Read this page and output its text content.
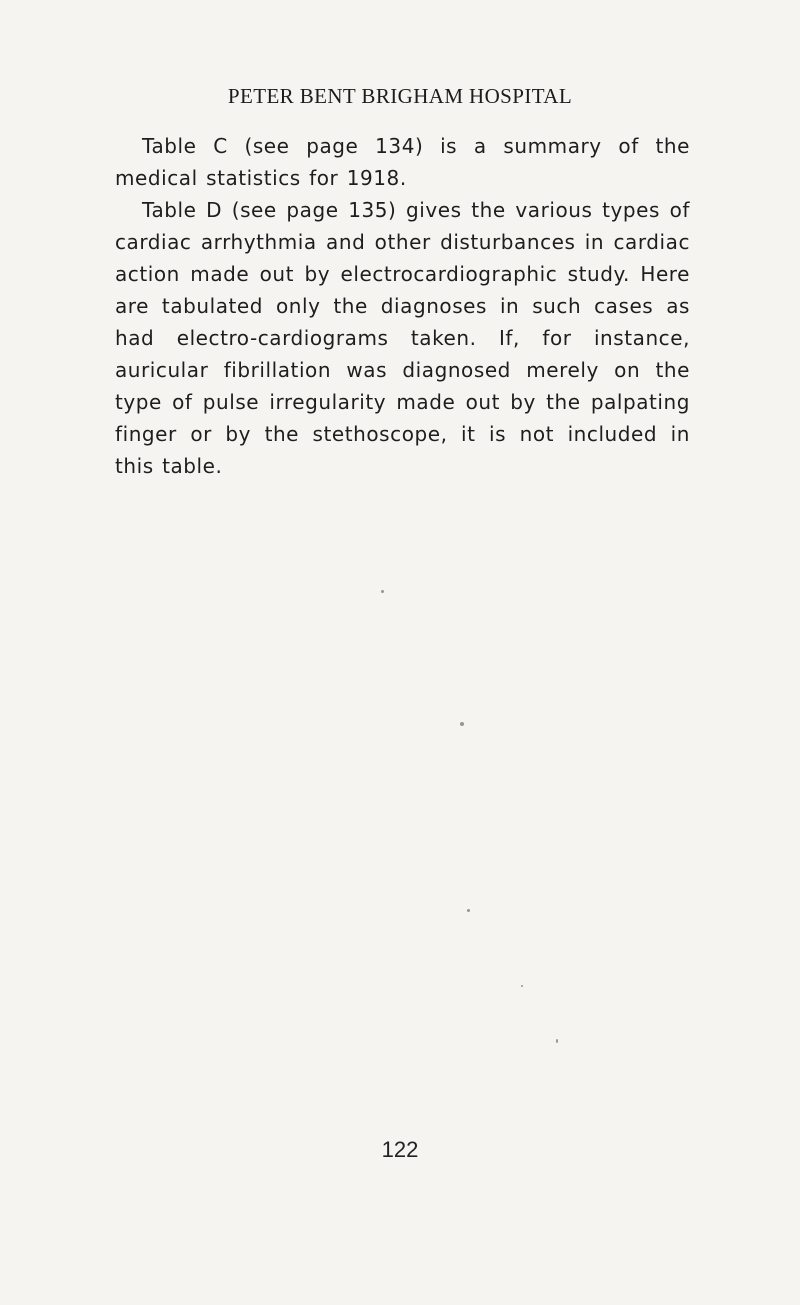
PETER BENT BRIGHAM HOSPITAL

Table C (see page 134) is a summary of the medical statistics for 1918.

Table D (see page 135) gives the various types of cardiac arrhythmia and other disturbances in cardiac action made out by electrocardiographic study. Here are tabulated only the diagnoses in such cases as had electro-cardiograms taken. If, for instance, auricular fibrillation was diagnosed merely on the type of pulse irregularity made out by the palpating finger or by the stethoscope, it is not included in this table.

122
